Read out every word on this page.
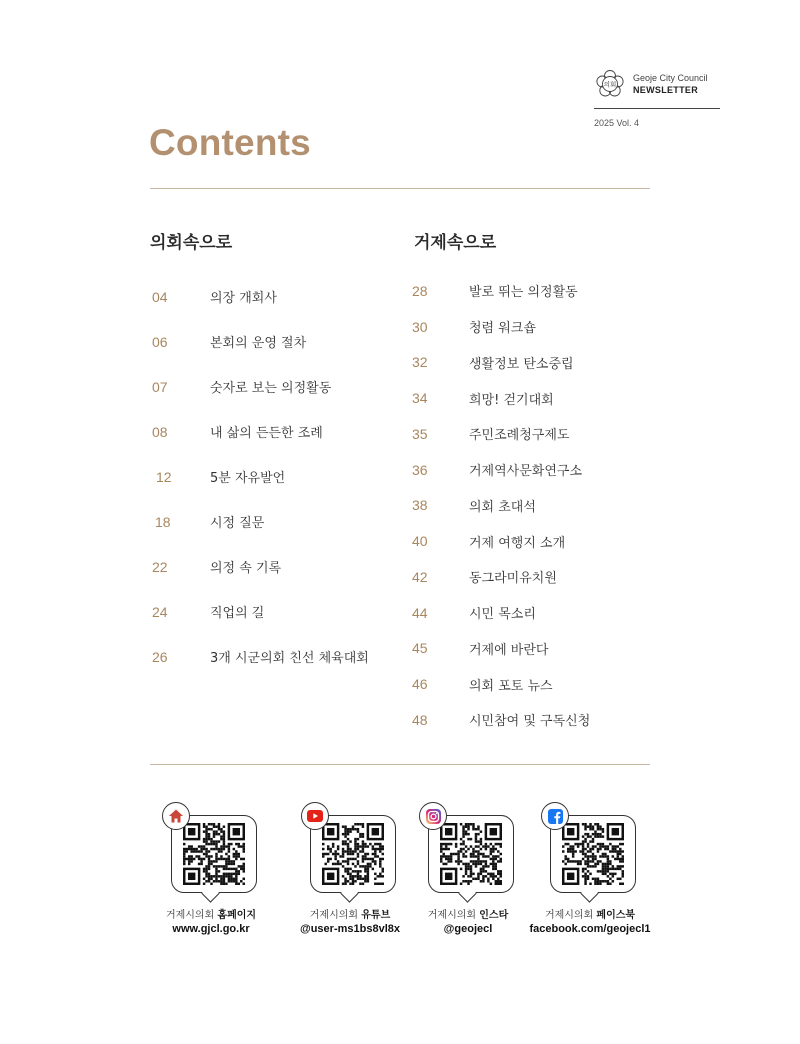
의회
Geoje City Council
NEWSLETTER
2025 Vol. 4
Contents
의회속으로	거제속으로
04	의장 개회사
06	본회의 운영 절차
07	숫자로 보는 의정활동
08	내 삶의 든든한 조례
12	5분 자유발언
18	시정 질문
22	의정 속 기록
24	직업의 길
26	3개 시군의회 친선 체육대회
28	발로 뛰는 의정활동
30	청렴 워크숍
32	생활정보 탄소중립
34	희망! 걷기대회
35	주민조례청구제도
36	거제역사문화연구소
38	의회 초대석
40	거제 여행지 소개
42	동그라미유치원
44	시민 목소리
45	거제에 바란다
46	의회 포토 뉴스
48	시민참여 및 구독신청
거제시의회 홈페이지
www.gjcl.go.kr
거제시의회 유튜브
@user-ms1bs8vl8x
거제시의회 인스타
@geojecl
거제시의회 페이스북
facebook.com/geojecl1
